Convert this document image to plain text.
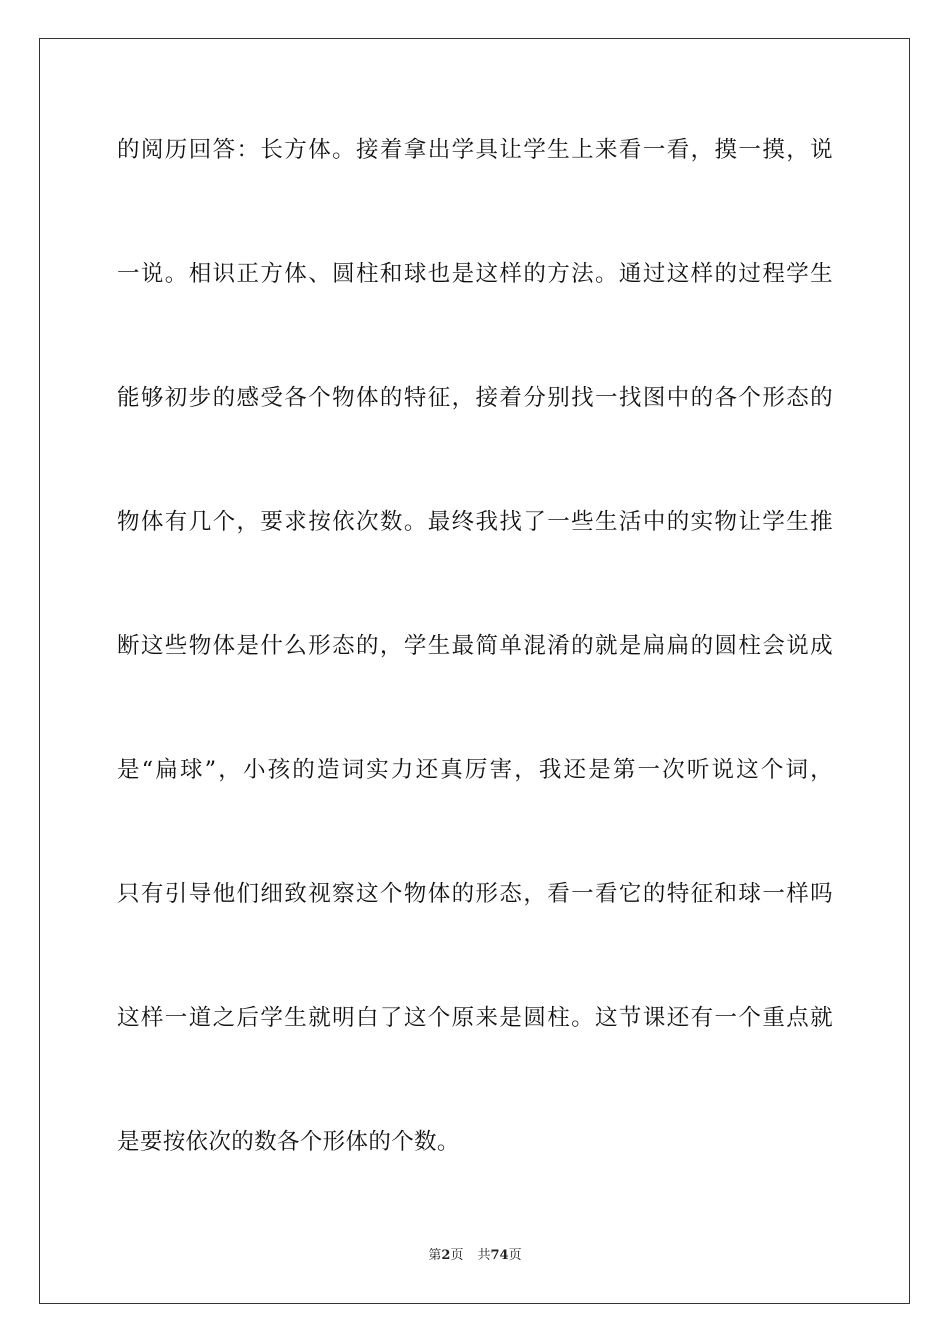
的阅历回答：长方体。接着拿出学具让学生上来看一看，摸一摸，说
一说。相识正方体、圆柱和球也是这样的方法。通过这样的过程学生
能够初步的感受各个物体的特征，接着分别找一找图中的各个形态的
物体有几个，要求按依次数。最终我找了一些生活中的实物让学生推
断这些物体是什么形态的，学生最简单混淆的就是扁扁的圆柱会说成
是“扁球”，小孩的造词实力还真厉害，我还是第一次听说这个词，
只有引导他们细致视察这个物体的形态，看一看它的特征和球一样吗
这样一道之后学生就明白了这个原来是圆柱。这节课还有一个重点就
是要按依次的数各个形体的个数。
第2页 共74页
